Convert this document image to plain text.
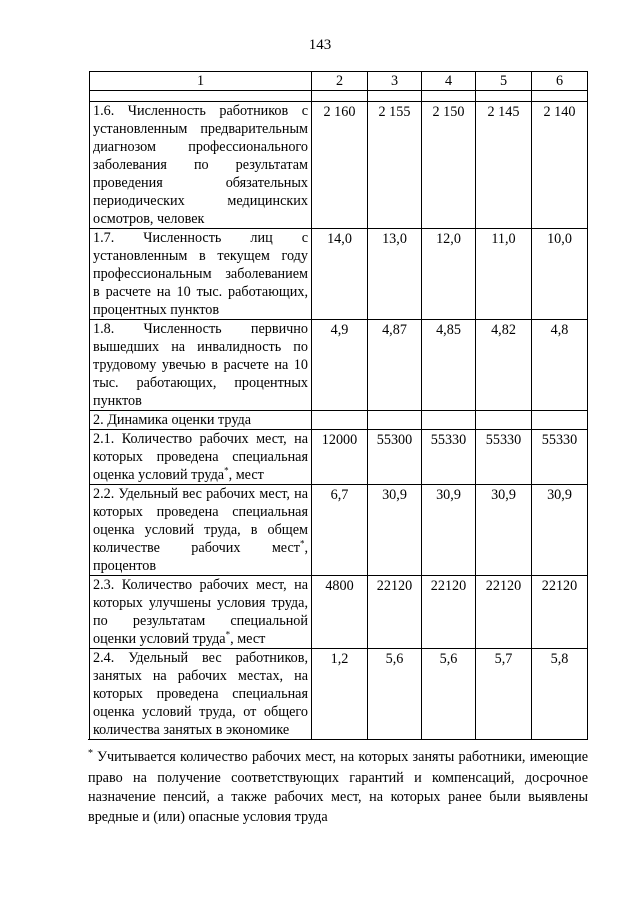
143
1	2	3	4	5	6

1.6. Численность работников с установленным предварительным диагнозом профессионального заболевания по результатам проведения обязательных периодических медицинских осмотров, человек	2 160	2 155	2 150	2 145	2 140
1.7. Численность лиц с установленным в текущем году профессиональным заболеванием в расчете на 10 тыс. работающих, процентных пунктов	14,0	13,0	12,0	11,0	10,0
1.8. Численность первично вышедших на инвалидность по трудовому увечью в расчете на 10 тыс. работающих, процентных пунктов	4,9	4,87	4,85	4,82	4,8
2. Динамика оценки труда					
2.1. Количество рабочих мест, на которых проведена специальная оценка условий труда*, мест	12000	55300	55330	55330	55330
2.2. Удельный вес рабочих мест, на которых проведена специальная оценка условий труда, в общем количестве рабочих мест*, процентов	6,7	30,9	30,9	30,9	30,9
2.3. Количество рабочих мест, на которых улучшены условия труда, по результатам специальной оценки условий труда*, мест	4800	22120	22120	22120	22120
2.4. Удельный вес работников, занятых на рабочих местах, на которых проведена специальная оценка условий труда, от общего количества занятых в экономике	1,2	5,6	5,6	5,7	5,8
* Учитывается количество рабочих мест, на которых заняты работники, имеющие право на получение соответствующих гарантий и компенсаций, досрочное назначение пенсий, а также рабочих мест, на которых ранее были выявлены вредные и (или) опасные условия труда
